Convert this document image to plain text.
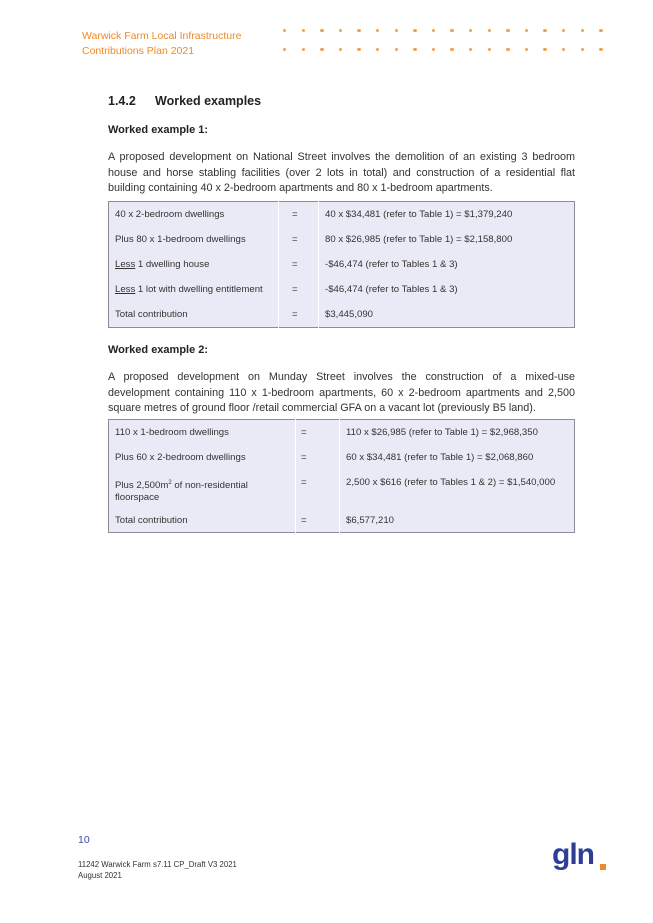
Warwick Farm Local Infrastructure
Contributions Plan 2021
1.4.2 Worked examples
Worked example 1:
A proposed development on National Street involves the demolition of an existing 3 bedroom house and horse stabling facilities (over 2 lots in total) and construction of a residential flat building containing 40 x 2-bedroom apartments and 80 x 1-bedroom apartments.
40 x 2-bedroom dwellings	=	40 x $34,481 (refer to Table 1) = $1,379,240
Plus 80 x 1-bedroom dwellings	=	80 x $26,985 (refer to Table 1) = $2,158,800
Less 1 dwelling house	=	-$46,474 (refer to Tables 1 & 3)
Less 1 lot with dwelling entitlement	=	-$46,474 (refer to Tables 1 & 3)
Total contribution	=	$3,445,090
Worked example 2:
A proposed development on Munday Street involves the construction of a mixed-use development containing 110 x 1-bedroom apartments, 60 x 2-bedroom apartments and 2,500 square metres of ground floor /retail commercial GFA on a vacant lot (previously B5 land).
110 x 1-bedroom dwellings	=	110 x $26,985 (refer to Table 1) = $2,968,350
Plus 60 x 2-bedroom dwellings	=	60 x $34,481 (refer to Table 1) = $2,068,860
Plus $2,500m^2$ of non-residential floorspace	=	2,500 x $616 (refer to Tables 1 & 2) = $1,540,000
Total contribution	=	$6,577,210
10
11242 Warwick Farm s7.11 CP_Draft V3 2021
August 2021
gln
